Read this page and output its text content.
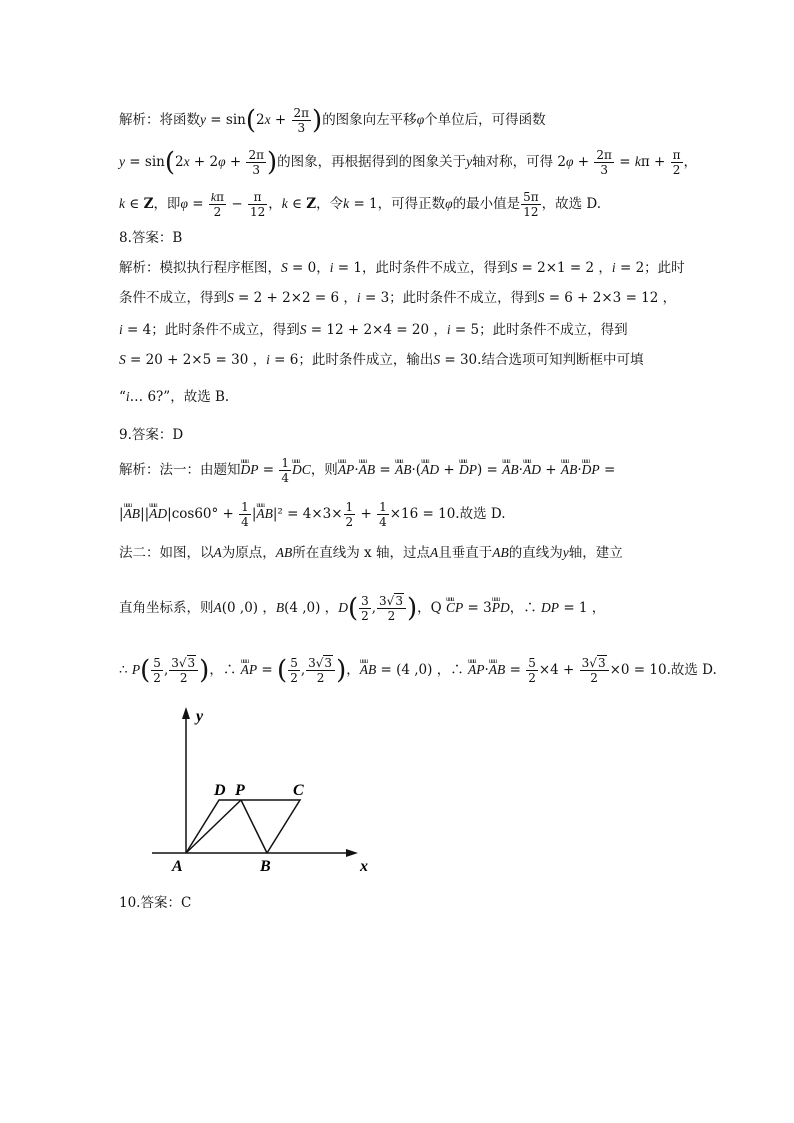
解析：将函数$y = \sin(2x + \frac{2\pi}{3}$ )的图象向左平移φ个单位后，可得函数
$y = \sin(2x + 2\varphi + \frac{2\pi}{3}$ )的图象，再根据得到的图象关于y轴对称，可得 $2\varphi + \frac{2\pi}{3} = k\pi + \frac{\pi}{2}$ ，
k ∈ Z，即$\varphi = \frac{k\pi}{2} - \frac{\pi}{12}$ ，k ∈ Z，令k = 1，可得正数φ的最小值是 $\frac{5\pi}{12}$ ，故选 D.
8.答案：B
解析：模拟执行程序框图，S = 0，i = 1，此时条件不成立，得到S = 2×1 = 2 ，i = 2；此时
条件不成立，得到S = 2 + 2×2 = 6 ，i = 3；此时条件不成立，得到S = 6 + 2×3 = 12 ，
i = 4；此时条件不成立，得到S = 12 + 2×4 = 20 ，i = 5；此时条件不成立，得到
S = 20 + 2×5 = 30 ，i = 6；此时条件成立，输出S = 30.结合选项可知判断框中可填
“i… 6?”，故选 B.
9.答案：D
解析：法一：由题知uuu DP = $\frac{1}{4}$
uuu DC，则uuu AP·uuu AB = uuu AB·(uuu AD + uuu DP) = uuu AB·uuu AD + uuu AB·uuu DP =
|uuu AB||uuu $AD|\cos 60^\circ + \frac{1}{4} |uuu$ $AB|^2 = 4\times 3\times \frac{1}{2} + \frac{1}{4} \times 16 = 10$.故选 D.
法二：如图，以A为原点，AB所在直线为 x 轴，过点A且垂直于AB的直线为y轴，建立
直角坐标系，则A(0 ,0) ，B(4 ,0) ，$D( \frac{3}{2}$ , $\frac{3√3}{2}$ )，Q uuu CP = 3uuu PD，∴ DP = 1 ，
∴ $P( \frac{5}{2}$ , $\frac{3√3}{2}$ )，∴ uuu AP = ( $\frac{5}{2}$ , $\frac{3√3}{2}$ )，uuu AB = (4 ,0) ，∴ uuu AP·uuu AB = $\frac{5}{2} \times 4 + \frac{3√3}{2} \times 0 = 10$.故选 D.
y
x
A	B
C
D P
10.答案：C
